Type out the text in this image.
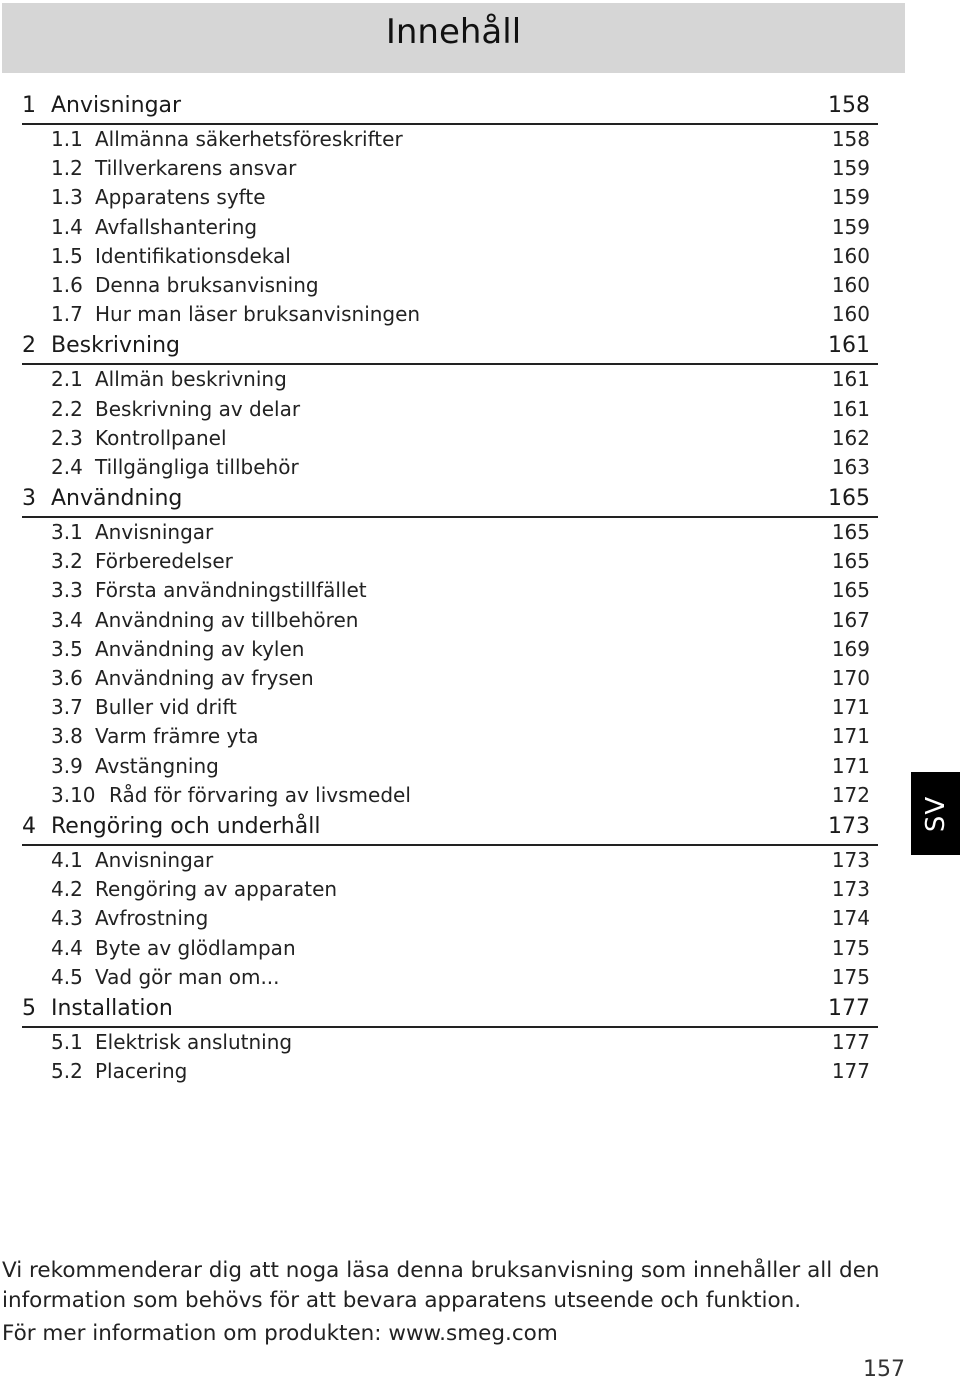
Innehåll
1 Anvisningar	158
1.1 Allmänna säkerhetsföreskrifter	158
1.2 Tillverkarens ansvar	159
1.3 Apparatens syfte	159
1.4 Avfallshantering	159
1.5 Identifikationsdekal	160
1.6 Denna bruksanvisning	160
1.7 Hur man läser bruksanvisningen	160
2 Beskrivning	161
2.1 Allmän beskrivning	161
2.2 Beskrivning av delar	161
2.3 Kontrollpanel	162
2.4 Tillgängliga tillbehör	163
3 Användning	165
3.1 Anvisningar	165
3.2 Förberedelser	165
3.3 Första användningstillfället	165
3.4 Användning av tillbehören	167
3.5 Användning av kylen	169
3.6 Användning av frysen	170
3.7 Buller vid drift	171
3.8 Varm främre yta	171
3.9 Avstängning	171
3.10 Råd för förvaring av livsmedel	172
4 Rengöring och underhåll	173
4.1 Anvisningar	173
4.2 Rengöring av apparaten	173
4.3 Avfrostning	174
4.4 Byte av glödlampan	175
4.5 Vad gör man om...	175
5 Installation	177
5.1 Elektrisk anslutning	177
5.2 Placering	177
SV
Vi rekommenderar dig att noga läsa denna bruksanvisning som innehåller all den
information som behövs för att bevara apparatens utseende och funktion.
För mer information om produkten: www.smeg.com
157
